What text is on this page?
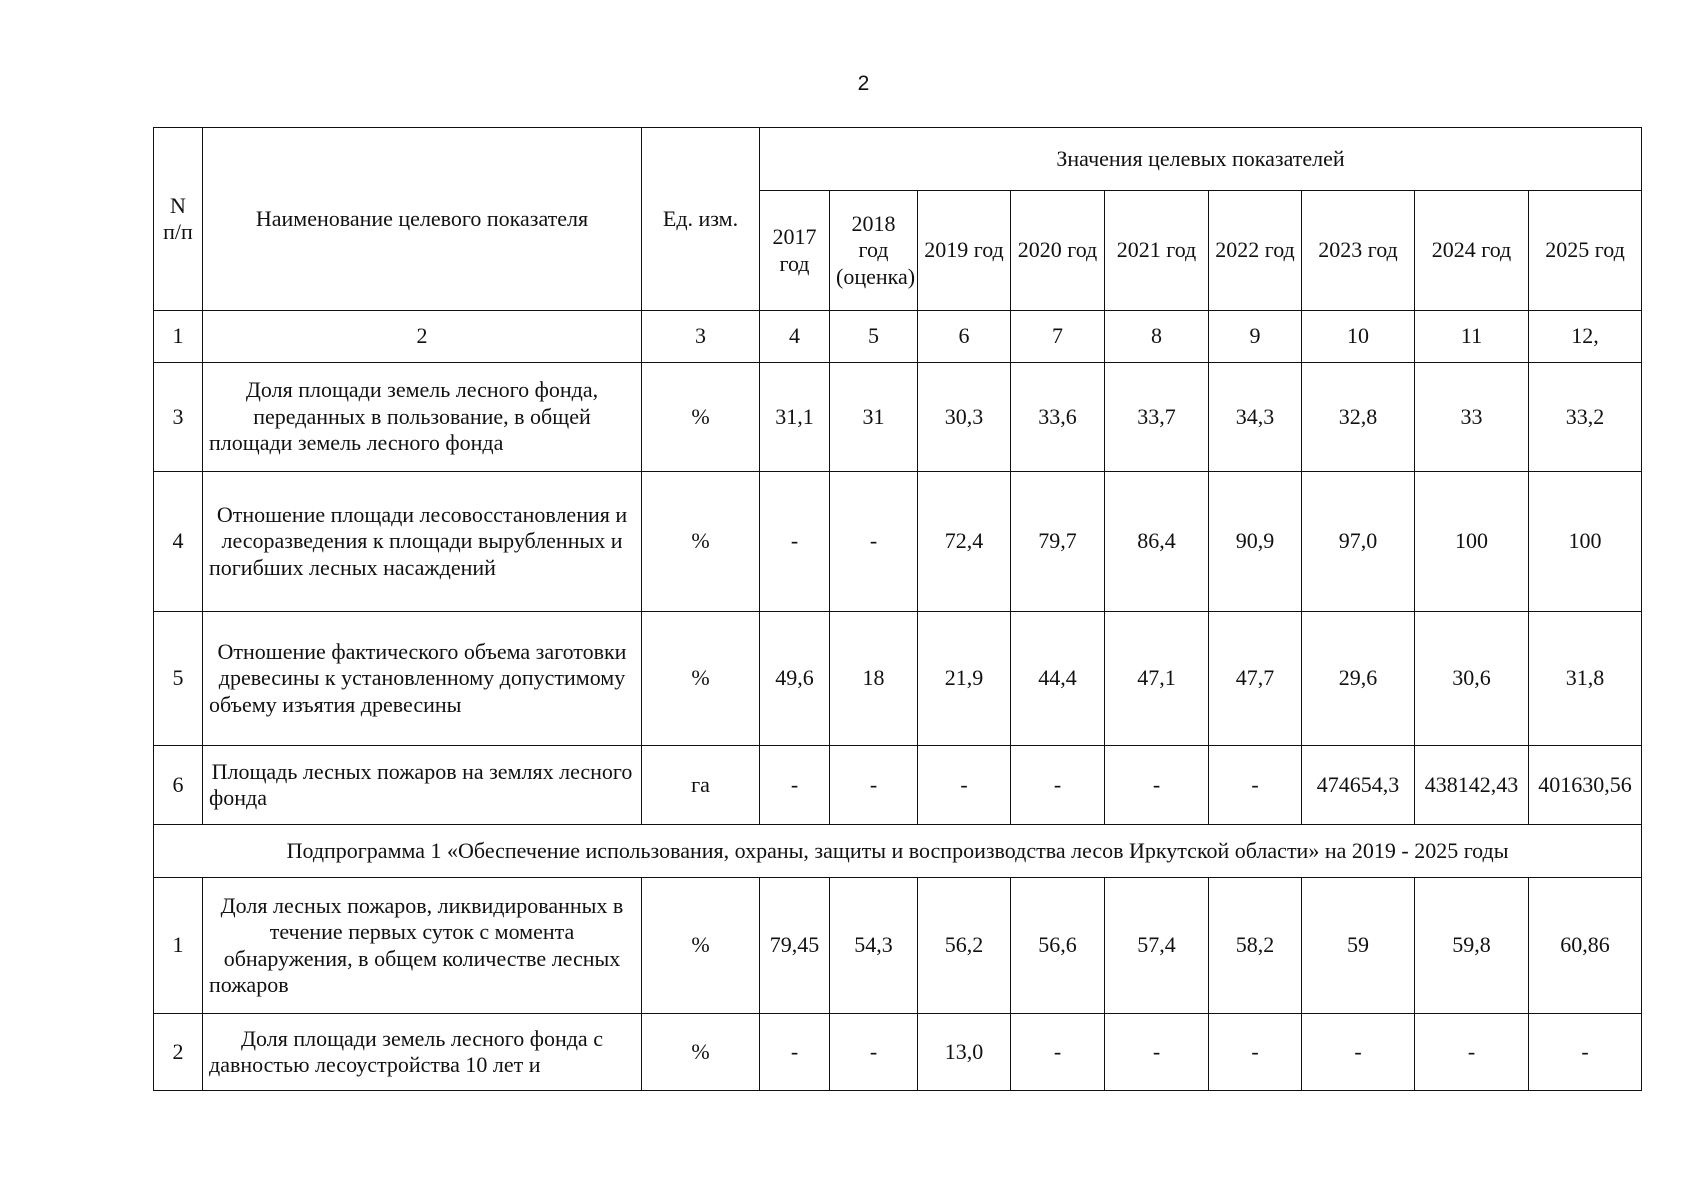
2
N п/п	Наименование целевого показателя	Ед. изм.	Значения целевых показателей								
			2017 год	2018 год (оценка)	2019 год	2020 год	2021 год	2022 год	2023 год	2024 год	2025 год
1	2	3	4	5	6	7	8	9	10	11	12,
3	Доля площади земель лесного фонда, переданных в пользование, в общей площади земель лесного фонда	%	31,1	31	30,3	33,6	33,7	34,3	32,8	33	33,2
4	Отношение площади лесовосстановления и лесоразведения к площади вырубленных и погибших лесных насаждений	%	-	-	72,4	79,7	86,4	90,9	97,0	100	100
5	Отношение фактического объема заготовки древесины к установленному допустимому объему изъятия древесины	%	49,6	18	21,9	44,4	47,1	47,7	29,6	30,6	31,8
6	Площадь лесных пожаров на землях лесного фонда	га	-	-	-	-	-	-	474654,3	438142,43	401630,56
Подпрограмма 1 «Обеспечение использования, охраны, защиты и воспроизводства лесов Иркутской области» на 2019 - 2025 годы											
1	Доля лесных пожаров, ликвидированных в течение первых суток с момента обнаружения, в общем количестве лесных пожаров	%	79,45	54,3	56,2	56,6	57,4	58,2	59	59,8	60,86
2	Доля площади земель лесного фонда с давностью лесоустройства 10 лет и	%	-	-	13,0	-	-	-	-	-	-
